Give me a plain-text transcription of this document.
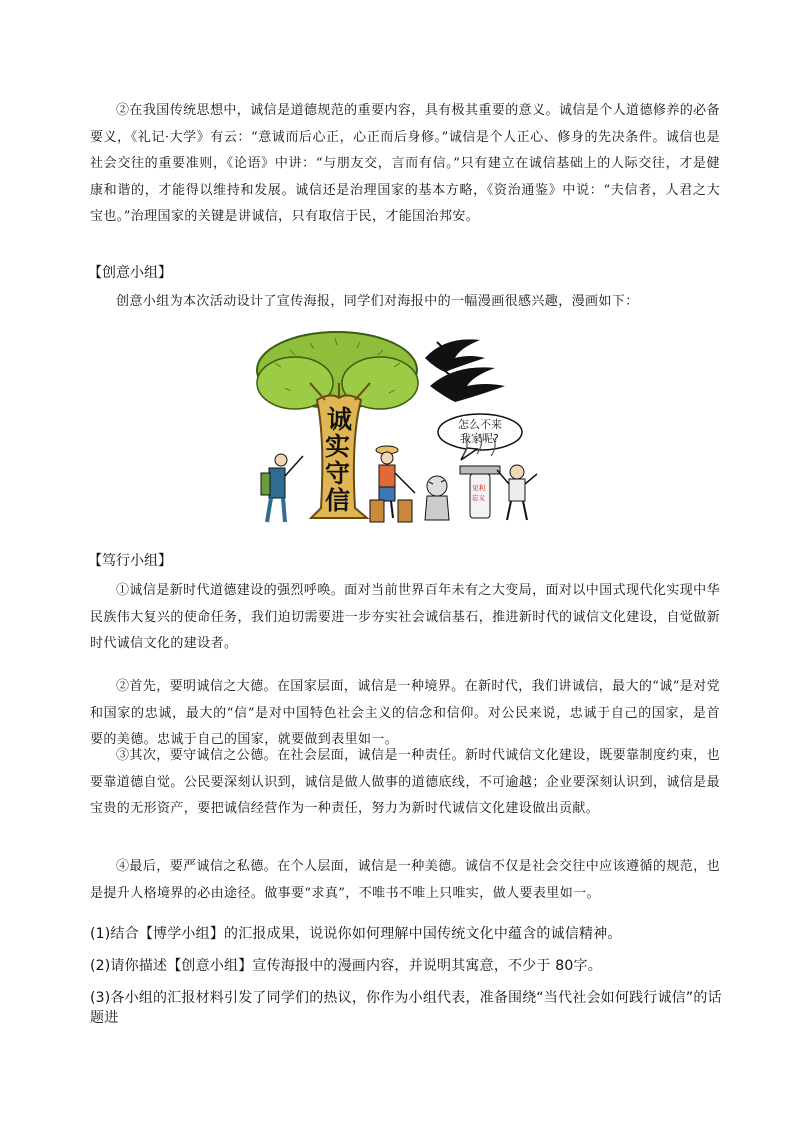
②在我国传统思想中，诚信是道德规范的重要内容，具有极其重要的意义。诚信是个人道德修养的必备要义，《礼记·大学》有云：“意诚而后心正，心正而后身修。”诚信是个人正心、修身的先决条件。诚信也是社会交往的重要准则，《论语》中讲：“与朋友交，言而有信。”只有建立在诚信基础上的人际交往，才是健康和谐的，才能得以维持和发展。诚信还是治理国家的基本方略，《资治通鉴》中说：“夫信者，人君之大宝也。”治理国家的关键是讲诚信，只有取信于民，才能国治邦安。

【创意小组】

创意小组为本次活动设计了宣传海报，同学们对海报中的一幅漫画很感兴趣，漫画如下：

诚
实
守
信
怎么不来
我家呢?
见利
忘义

【笃行小组】

①诚信是新时代道德建设的强烈呼唤。面对当前世界百年未有之大变局，面对以中国式现代化实现中华民族伟大复兴的使命任务，我们迫切需要进一步夯实社会诚信基石，推进新时代的诚信文化建设，自觉做新时代诚信文化的建设者。

②首先，要明诚信之大德。在国家层面，诚信是一种境界。在新时代，我们讲诚信，最大的“诚”是对党和国家的忠诚，最大的“信”是对中国特色社会主义的信念和信仰。对公民来说，忠诚于自己的国家，是首要的美德。忠诚于自己的国家，就要做到表里如一。

③其次，要守诚信之公德。在社会层面，诚信是一种责任。新时代诚信文化建设，既要靠制度约束，也要靠道德自觉。公民要深刻认识到，诚信是做人做事的道德底线，不可逾越；企业要深刻认识到，诚信是最宝贵的无形资产，要把诚信经营作为一种责任，努力为新时代诚信文化建设做出贡献。

④最后，要严诚信之私德。在个人层面，诚信是一种美德。诚信不仅是社会交往中应该遵循的规范，也是提升人格境界的必由途径。做事要“求真”，不唯书不唯上只唯实，做人要表里如一。

(1)结合【博学小组】的汇报成果，说说你如何理解中国传统文化中蕴含的诚信精神。

(2)请你描述【创意小组】宣传海报中的漫画内容，并说明其寓意，不少于 80字。

(3)各小组的汇报材料引发了同学们的热议，你作为小组代表，准备围绕“当代社会如何践行诚信”的话题进
